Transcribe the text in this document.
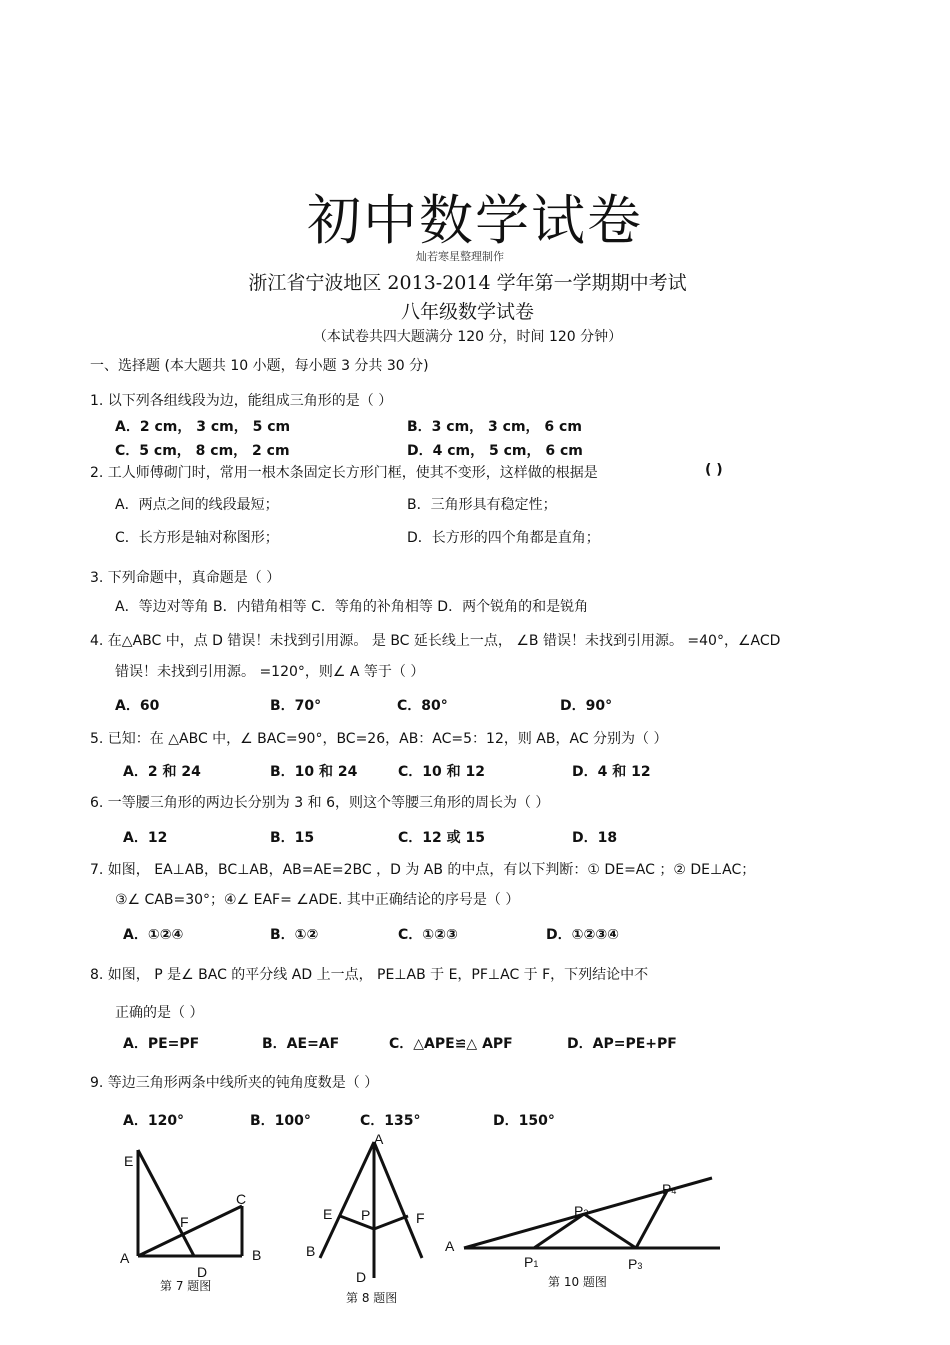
初中数学试卷
灿若寒星整理制作
浙江省宁波地区 2013-2014 学年第一学期期中考试
八年级数学试卷
（本试卷共四大题满分 120 分，时间 120 分钟）
一、选择题 (本大题共 10 小题，每小题 3 分共 30 分)
1. 以下列各组线段为边，能组成三角形的是（ ）
A．2 cm， 3 cm， 5 cm	B．3 cm， 3 cm， 6 cm
C．5 cm， 8 cm， 2 cm	D．4 cm， 5 cm， 6 cm
2. 工人师傅砌门时，常用一根木条固定长方形门框，使其不变形，这样做的根据是	( )
A．两点之间的线段最短；	B．三角形具有稳定性；
C．长方形是轴对称图形；	D．长方形的四个角都是直角；
3. 下列命题中，真命题是（ ）
A．等边对等角 B．内错角相等 C．等角的补角相等 D．两个锐角的和是锐角
4. 在△ABC 中，点 D 错误！未找到引用源。 是 BC 延长线上一点， ∠B 错误！未找到引用源。 =40°，∠ACD
错误！未找到引用源。 =120°，则∠ A 等于（ ）
A．60	B．70°	C．80°	D．90°
5. 已知：在 △ABC 中，∠ BAC=90°，BC=26，AB：AC=5：12，则 AB，AC 分别为（ ）
A．2 和 24	B．10 和 24	C．10 和 12	D．4 和 12
6. 一等腰三角形的两边长分别为 3 和 6，则这个等腰三角形的周长为（ ）
A．12	B．15	C．12 或 15	D．18
7. 如图， EA⊥AB，BC⊥AB，AB=AE=2BC ，D 为 AB 的中点，有以下判断：① DE=AC ；② DE⊥AC；
③∠ CAB=30°；④∠ EAF= ∠ADE. 其中正确结论的序号是（ ）
A．①②④	B．①②	C．①②③	D．①②③④
8. 如图， P 是∠ BAC 的平分线 AD 上一点， PE⊥AB 于 E，PF⊥AC 于 F，下列结论中不
正确的是（ ）
A．PE=PF	B．AE=AF	C．△APE≌△ APF	D．AP=PE+PF
9. 等边三角形两条中线所夹的钝角度数是（ ）
A．120°	B．100°	C．135°	D．150°
E
C
F
A	B
D
第 7 题图
A
E P	F
B
D
第 8 题图
A
P2
P4
P1	P3
第 10 题图
